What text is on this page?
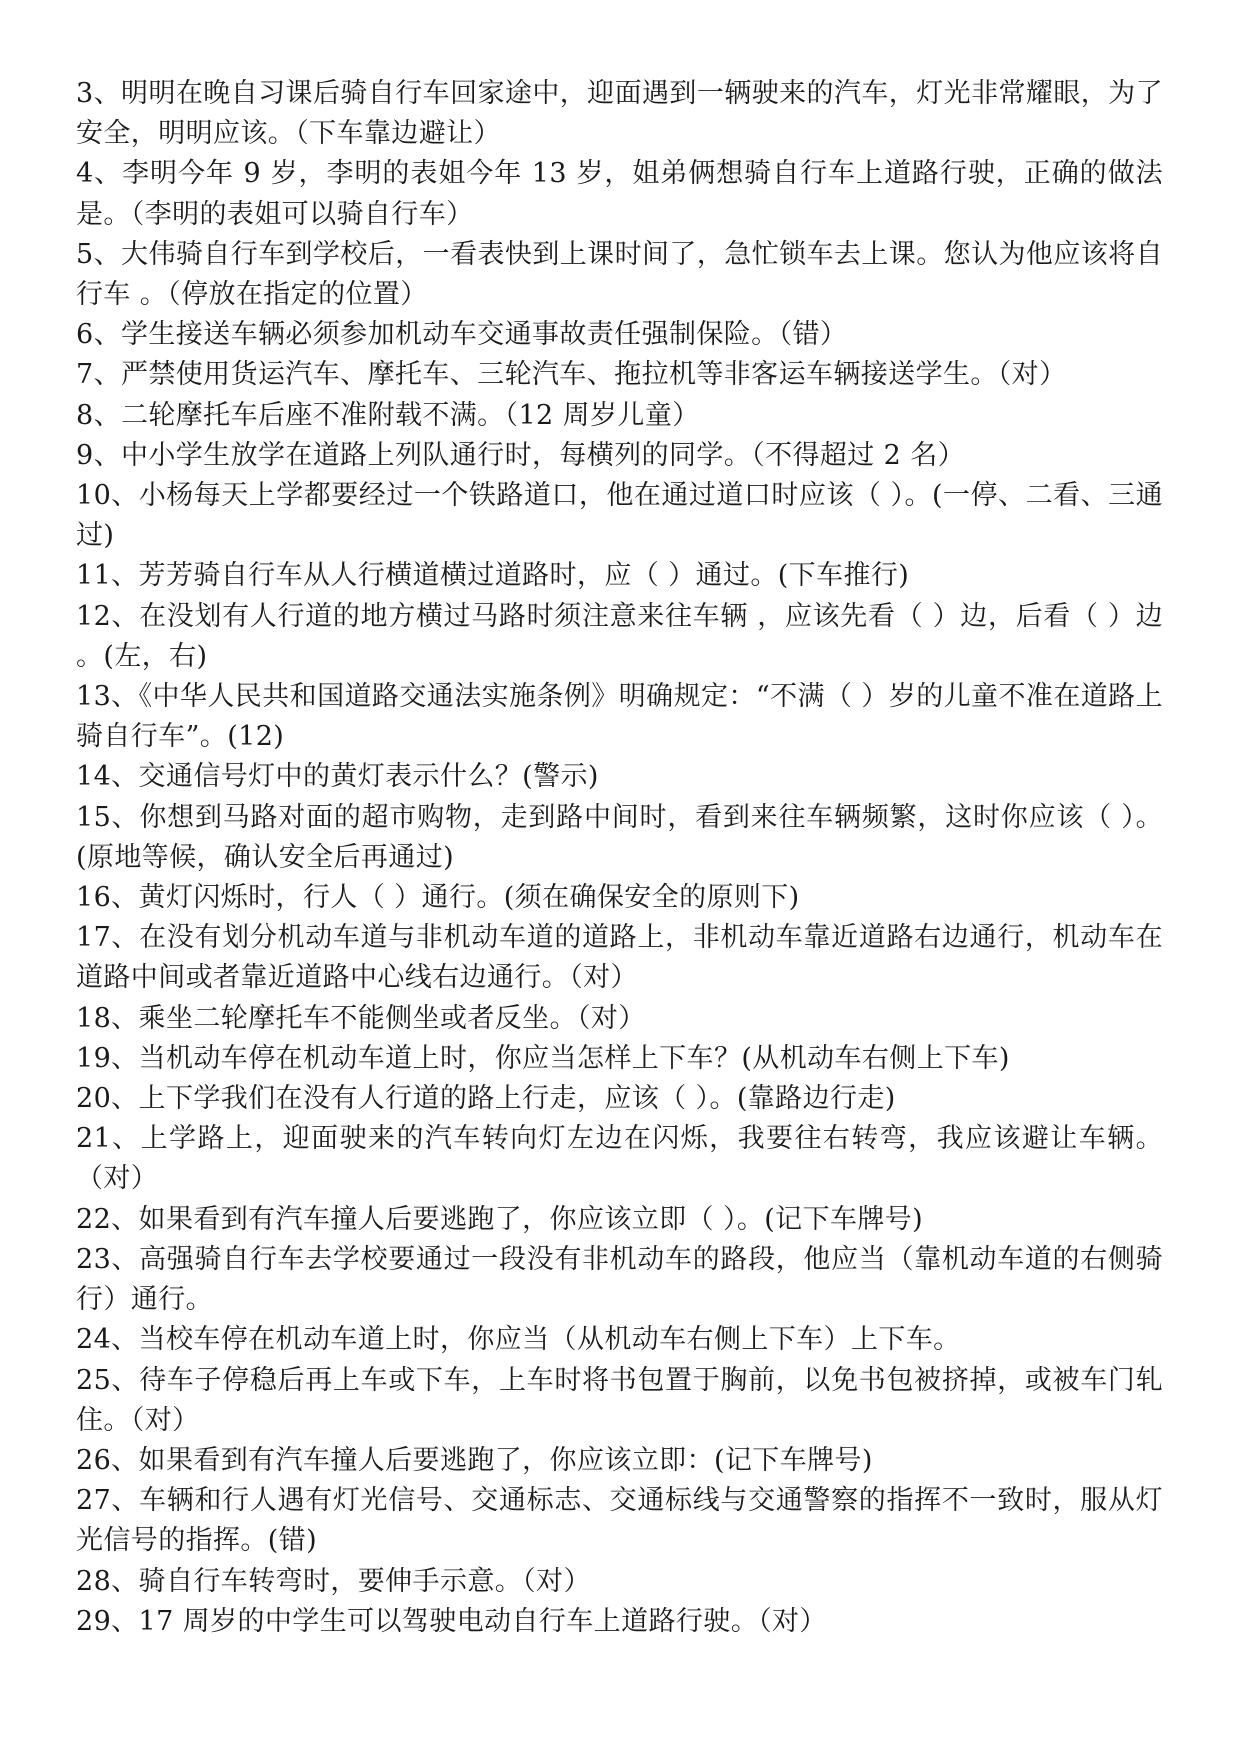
3、明明在晚自习课后骑自行车回家途中，迎面遇到一辆驶来的汽车，灯光非常耀眼，为了安全，明明应该。（下车靠边避让）
4、李明今年 9 岁，李明的表姐今年 13 岁，姐弟俩想骑自行车上道路行驶，正确的做法是。（李明的表姐可以骑自行车）
5、大伟骑自行车到学校后，一看表快到上课时间了，急忙锁车去上课。您认为他应该将自行车 。（停放在指定的位置）
6、学生接送车辆必须参加机动车交通事故责任强制保险。（错）
7、严禁使用货运汽车、摩托车、三轮汽车、拖拉机等非客运车辆接送学生。（对）
8、二轮摩托车后座不准附载不满。（12 周岁儿童）
9、中小学生放学在道路上列队通行时，每横列的同学。（不得超过 2 名）
10、小杨每天上学都要经过一个铁路道口，他在通过道口时应该（ ）。(一停、二看、三通过)
11、芳芳骑自行车从人行横道横过道路时，应（ ）通过。(下车推行)
12、在没划有人行道的地方横过马路时须注意来往车辆 ，应该先看（ ）边，后看（ ）边 。(左，右)
13、《中华人民共和国道路交通法实施条例》明确规定：“不满（ ）岁的儿童不准在道路上骑自行车”。(12)
14、交通信号灯中的黄灯表示什么？(警示)
15、你想到马路对面的超市购物，走到路中间时，看到来往车辆频繁，这时你应该（ ）。 (原地等候，确认安全后再通过)
16、黄灯闪烁时，行人（ ）通行。(须在确保安全的原则下)
17、在没有划分机动车道与非机动车道的道路上，非机动车靠近道路右边通行，机动车在道路中间或者靠近道路中心线右边通行。（对）
18、乘坐二轮摩托车不能侧坐或者反坐。（对）
19、当机动车停在机动车道上时，你应当怎样上下车？(从机动车右侧上下车)
20、上下学我们在没有人行道的路上行走，应该（ ）。(靠路边行走)
21、上学路上，迎面驶来的汽车转向灯左边在闪烁，我要往右转弯，我应该避让车辆。（对）
22、如果看到有汽车撞人后要逃跑了，你应该立即（ ）。(记下车牌号)
23、高强骑自行车去学校要通过一段没有非机动车的路段，他应当（靠机动车道的右侧骑行）通行。
24、当校车停在机动车道上时，你应当（从机动车右侧上下车）上下车。
25、待车子停稳后再上车或下车，上车时将书包置于胸前，以免书包被挤掉，或被车门轧住。（对）
26、如果看到有汽车撞人后要逃跑了，你应该立即：(记下车牌号)
27、车辆和行人遇有灯光信号、交通标志、交通标线与交通警察的指挥不一致时，服从灯光信号的指挥。(错)
28、骑自行车转弯时，要伸手示意。（对）
29、17 周岁的中学生可以驾驶电动自行车上道路行驶。（对）
